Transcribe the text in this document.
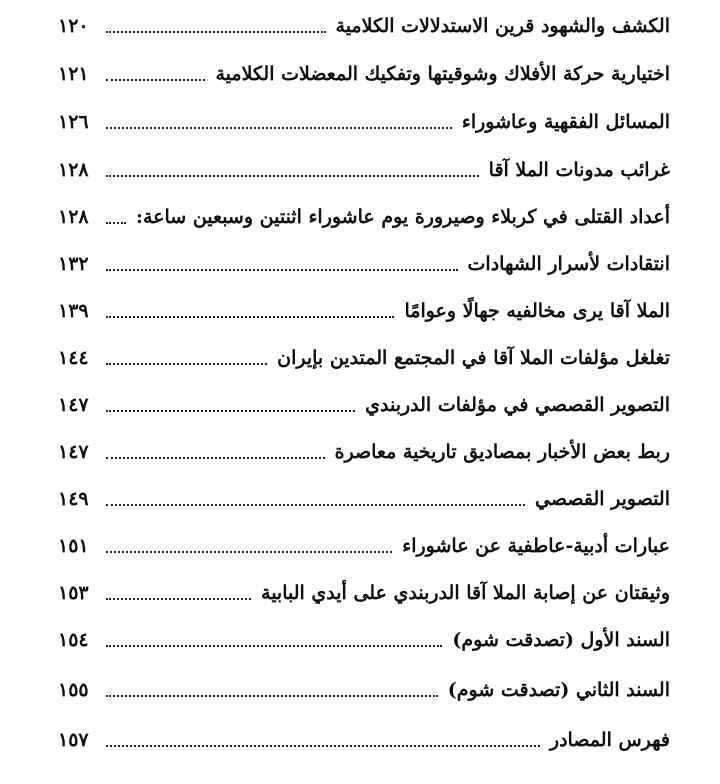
الكشف والشهود قرين الاستدلالات الكلامية
١٢٠
اختيارية حركة الأفلاك وشوقيتها وتفكيك المعضلات الكلامية
١٢١
المسائل الفقهية وعاشوراء
١٢٦
غرائب مدونات الملا آقا
١٢٨
أعداد القتلى في كربلاء وصيرورة يوم عاشوراء اثنتين وسبعين ساعة:
١٢٨
انتقادات لأسرار الشهادات
١٣٢
الملا آقا يرى مخالفيه جهالًا وعوامًا
١٣٩
تغلغل مؤلفات الملا آقا في المجتمع المتدين بإيران
١٤٤
التصوير القصصي في مؤلفات الدربندي
١٤٧
ربط بعض الأخبار بمصاديق تاريخية معاصرة
١٤٧
التصوير القصصي
١٤٩
عبارات أدبية-عاطفية عن عاشوراء
١٥١
وثيقتان عن إصابة الملا آقا الدربندي على أيدي البابية
١٥٣
السند الأول (تصدقت شوم)
١٥٤
السند الثاني (تصدقت شوم)
١٥٥
فهرس المصادر
١٥٧
